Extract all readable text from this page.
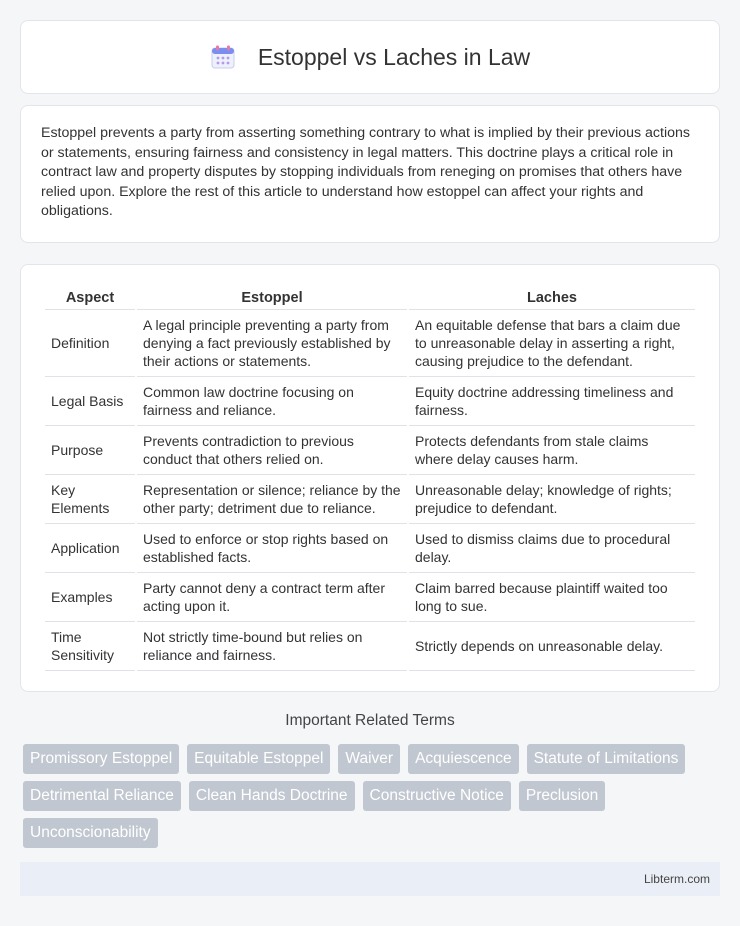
Estoppel vs Laches in Law

Estoppel prevents a party from asserting something contrary to what is implied by their previous actions or statements, ensuring fairness and consistency in legal matters. This doctrine plays a critical role in contract law and property disputes by stopping individuals from reneging on promises that others have relied upon. Explore the rest of this article to understand how estoppel can affect your rights and obligations.

Aspect	Estoppel	Laches
Definition	A legal principle preventing a party from denying a fact previously established by their actions or statements.	An equitable defense that bars a claim due to unreasonable delay in asserting a right, causing prejudice to the defendant.
Legal Basis	Common law doctrine focusing on fairness and reliance.	Equity doctrine addressing timeliness and fairness.
Purpose	Prevents contradiction to previous conduct that others relied on.	Protects defendants from stale claims where delay causes harm.
Key Elements	Representation or silence; reliance by the other party; detriment due to reliance.	Unreasonable delay; knowledge of rights; prejudice to defendant.
Application	Used to enforce or stop rights based on established facts.	Used to dismiss claims due to procedural delay.
Examples	Party cannot deny a contract term after acting upon it.	Claim barred because plaintiff waited too long to sue.
Time Sensitivity	Not strictly time-bound but relies on reliance and fairness.	Strictly depends on unreasonable delay.
Important Related Terms
Promissory Estoppel	Equitable Estoppel	Waiver	Acquiescence	Statute of Limitations
Detrimental Reliance	Clean Hands Doctrine	Constructive Notice	Preclusion
Unconscionability
Libterm.com
